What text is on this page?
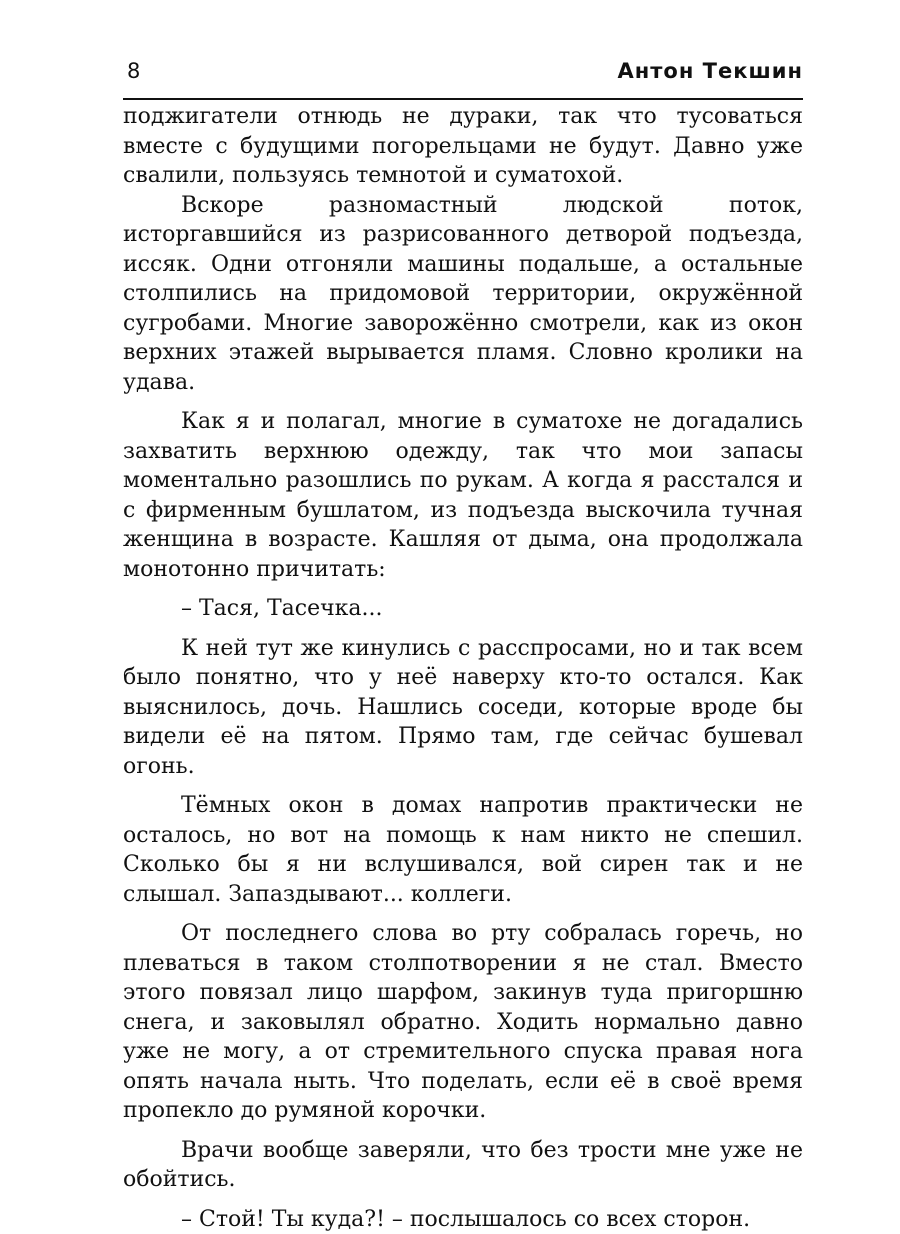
8	Антон Текшин

поджигатели отнюдь не дураки, так что тусоваться вместе с будущими погорельцами не будут. Давно уже свалили, пользуясь темнотой и суматохой.

Вскоре разномастный людской поток, исторгавшийся из разрисованного детворой подъезда, иссяк. Одни отгоняли машины подальше, а остальные столпились на придомовой территории, окружённой сугробами. Многие заворожённо смотрели, как из окон верхних этажей вырывается пламя. Словно кролики на удава.

Как я и полагал, многие в суматохе не догадались захватить верхнюю одежду, так что мои запасы моментально разошлись по рукам. А когда я расстался и с фирменным бушлатом, из подъезда выскочила тучная женщина в возрасте. Кашляя от дыма, она продолжала монотонно причитать:

– Тася, Тасечка...

К ней тут же кинулись с расспросами, но и так всем было понятно, что у неё наверху кто-то остался. Как выяснилось, дочь. Нашлись соседи, которые вроде бы видели её на пятом. Прямо там, где сейчас бушевал огонь.

Тёмных окон в домах напротив практически не осталось, но вот на помощь к нам никто не спешил. Сколько бы я ни вслушивался, вой сирен так и не слышал. Запаздывают... коллеги.

От последнего слова во рту собралась горечь, но плеваться в таком столпотворении я не стал. Вместо этого повязал лицо шарфом, закинув туда пригоршню снега, и заковылял обратно. Ходить нормально давно уже не могу, а от стремительного спуска правая нога опять начала ныть. Что поделать, если её в своё время пропекло до румяной корочки.

Врачи вообще заверяли, что без трости мне уже не обойтись.

– Стой! Ты куда?! – послышалось со всех сторон.
